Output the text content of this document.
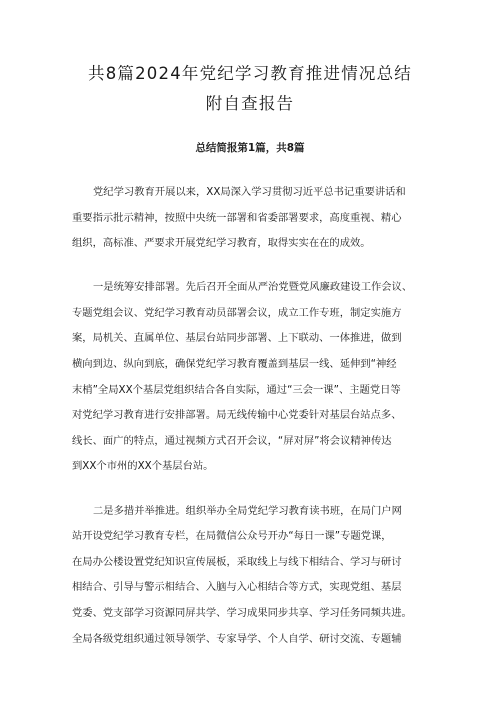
共8篇2024年党纪学习教育推进情况总结
附自查报告
总结简报第1篇，共8篇
党纪学习教育开展以来，XX局深入学习贯彻习近平总书记重要讲话和
重要指示批示精神，按照中央统一部署和省委部署要求，高度重视、精心
组织，高标准、严要求开展党纪学习教育，取得实实在在的成效。
一是统筹安排部署。先后召开全面从严治党暨党风廉政建设工作会议、
专题党组会议、党纪学习教育动员部署会议，成立工作专班，制定实施方
案，局机关、直属单位、基层台站同步部署、上下联动、一体推进，做到
横向到边、纵向到底，确保党纪学习教育覆盖到基层一线、延伸到“神经
末梢”全局XX个基层党组织结合各自实际，通过“三会一课”、主题党日等
对党纪学习教育进行安排部署。局无线传输中心党委针对基层台站点多、
线长、面广的特点，通过视频方式召开会议，“屏对屏”将会议精神传达
到XX个市州的XX个基层台站。
二是多措并举推进。组织举办全局党纪学习教育读书班，在局门户网
站开设党纪学习教育专栏，在局微信公众号开办“每日一课”专题党课，
在局办公楼设置党纪知识宣传展板，采取线上与线下相结合、学习与研讨
相结合、引导与警示相结合、入脑与入心相结合等方式，实现党组、基层
党委、党支部学习资源同屏共学、学习成果同步共享、学习任务同频共进。
全局各级党组织通过领导领学、专家导学、个人自学、研讨交流、专题辅
